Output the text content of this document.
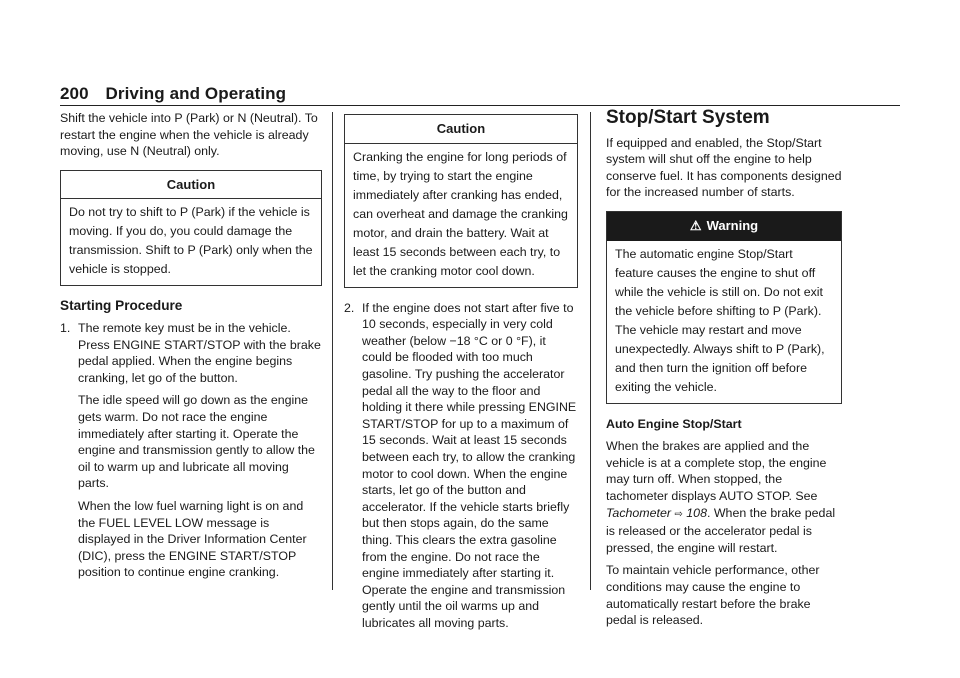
200 Driving and Operating

Shift the vehicle into P (Park) or N (Neutral). To restart the engine when the vehicle is already moving, use N (Neutral) only.

Caution
Do not try to shift to P (Park) if the vehicle is moving. If you do, you could damage the transmission. Shift to P (Park) only when the vehicle is stopped.
Starting Procedure
1. The remote key must be in the vehicle. Press ENGINE START/STOP with the brake pedal applied. When the engine begins cranking, let go of the button.

The idle speed will go down as the engine gets warm. Do not race the engine immediately after starting it. Operate the engine and transmission gently to allow the oil to warm up and lubricate all moving parts.

When the low fuel warning light is on and the FUEL LEVEL LOW message is displayed in the Driver Information Center (DIC), press the ENGINE START/STOP position to continue engine cranking.

Caution
Cranking the engine for long periods of time, by trying to start the engine immediately after cranking has ended, can overheat and damage the cranking motor, and drain the battery. Wait at least 15 seconds between each try, to let the cranking motor cool down.
2. If the engine does not start after five to 10 seconds, especially in very cold weather (below −18 °C or 0 °F), it could be flooded with too much gasoline. Try pushing the accelerator pedal all the way to the floor and holding it there while pressing ENGINE START/STOP for up to a maximum of 15 seconds. Wait at least 15 seconds between each try, to allow the cranking motor to cool down. When the engine starts, let go of the button and accelerator. If the vehicle starts briefly but then stops again, do the same thing. This clears the extra gasoline from the engine. Do not race the engine immediately after starting it. Operate the engine and transmission gently until the oil warms up and lubricates all moving parts.

Stop/Start System

If equipped and enabled, the Stop/Start system will shut off the engine to help conserve fuel. It has components designed for the increased number of starts.

⚠ Warning
The automatic engine Stop/Start feature causes the engine to shut off while the vehicle is still on. Do not exit the vehicle before shifting to P (Park). The vehicle may restart and move unexpectedly. Always shift to P (Park), and then turn the ignition off before exiting the vehicle.

Auto Engine Stop/Start

When the brakes are applied and the vehicle is at a complete stop, the engine may turn off. When stopped, the tachometer displays AUTO STOP. See Tachometer ⇨ 108. When the brake pedal is released or the accelerator pedal is pressed, the engine will restart.

To maintain vehicle performance, other conditions may cause the engine to automatically restart before the brake pedal is released.
